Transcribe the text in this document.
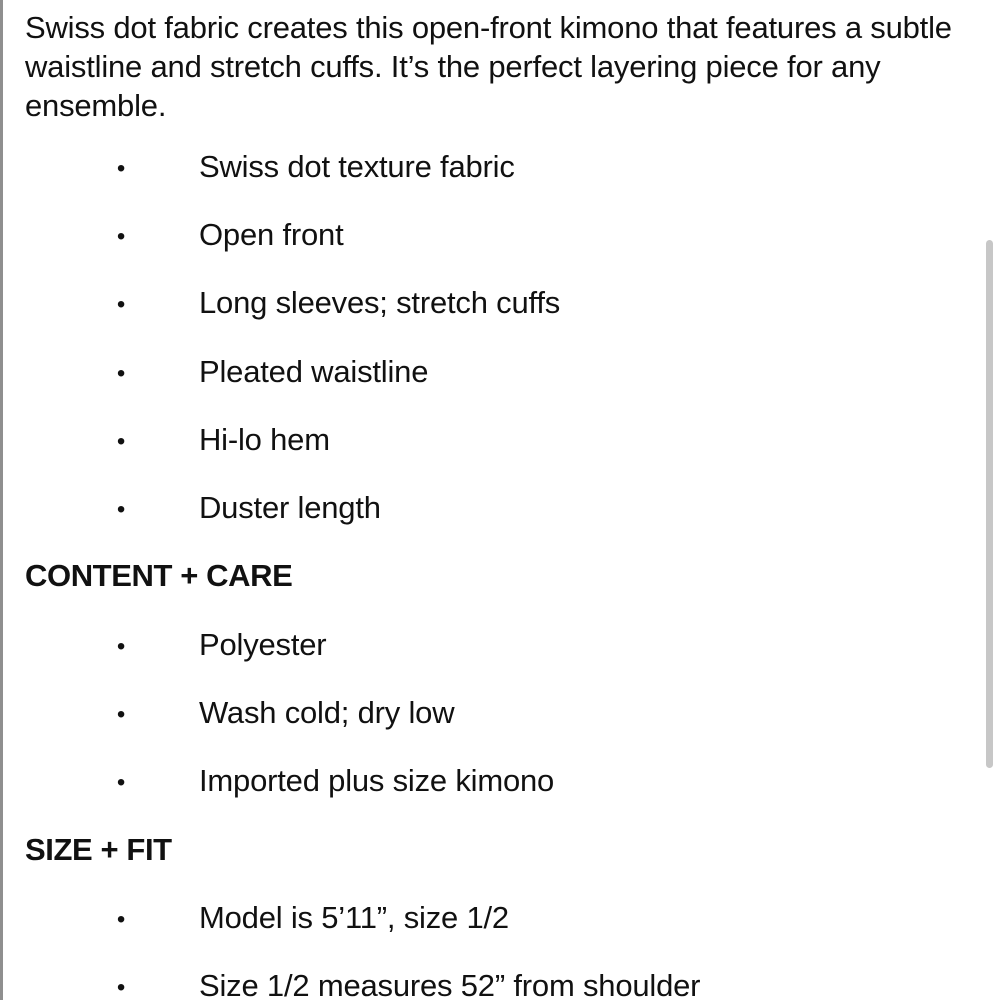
Swiss dot fabric creates this open-front kimono that features a subtle waistline and stretch cuffs. It’s the perfect layering piece for any ensemble.

• Swiss dot texture fabric
• Open front
• Long sleeves; stretch cuffs
• Pleated waistline
• Hi-lo hem
• Duster length
CONTENT + CARE
• Polyester
• Wash cold; dry low
• Imported plus size kimono
SIZE + FIT
• Model is 5’11”, size 1/2
• Size 1/2 measures 52” from shoulder
